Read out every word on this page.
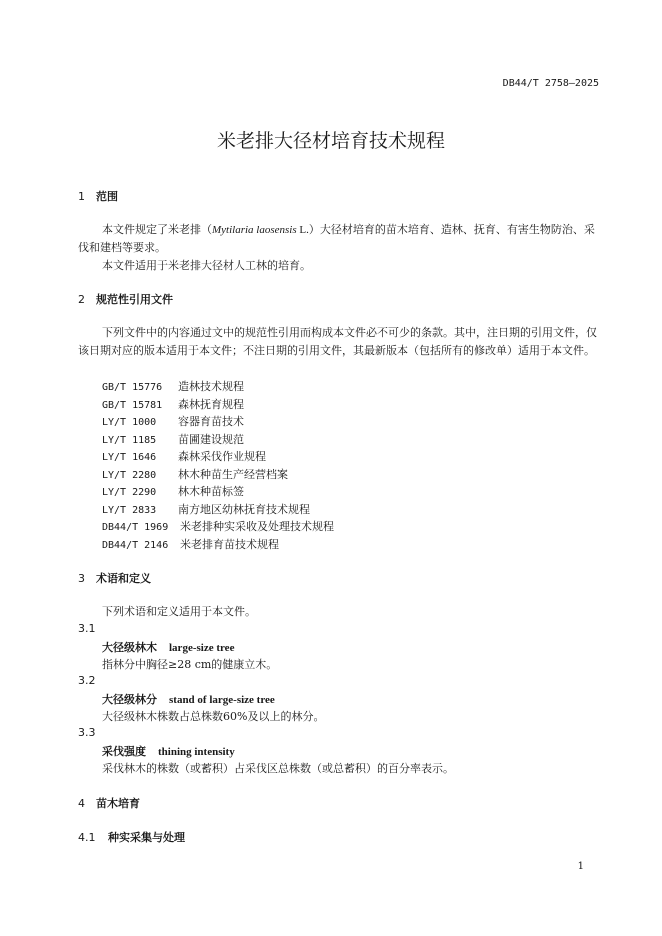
DB44/T 2758—2025
米老排大径材培育技术规程
1 范围
本文件规定了米老排（Mytilaria laosensis L.）大径材培育的苗木培育、造林、抚育、有害生物防治、采伐和建档等要求。
本文件适用于米老排大径材人工林的培育。
2 规范性引用文件
下列文件中的内容通过文中的规范性引用而构成本文件必不可少的条款。其中，注日期的引用文件，仅该日期对应的版本适用于本文件；不注日期的引用文件，其最新版本（包括所有的修改单）适用于本文件。
GB/T 15776 造林技术规程
GB/T 15781 森林抚育规程
LY/T 1000 容器育苗技术
LY/T 1185 苗圃建设规范
LY/T 1646 森林采伐作业规程
LY/T 2280 林木种苗生产经营档案
LY/T 2290 林木种苗标签
LY/T 2833 南方地区幼林抚育技术规程
DB44/T 1969 米老排种实采收及处理技术规程
DB44/T 2146 米老排育苗技术规程
3 术语和定义
下列术语和定义适用于本文件。
3.1
大径级林木 large-size tree
指林分中胸径≥28 cm的健康立木。
3.2
大径级林分 stand of large-size tree
大径级林木株数占总株数60%及以上的林分。
3.3
采伐强度 thining intensity
采伐林木的株数（或蓄积）占采伐区总株数（或总蓄积）的百分率表示。
4 苗木培育
4.1 种实采集与处理
1
